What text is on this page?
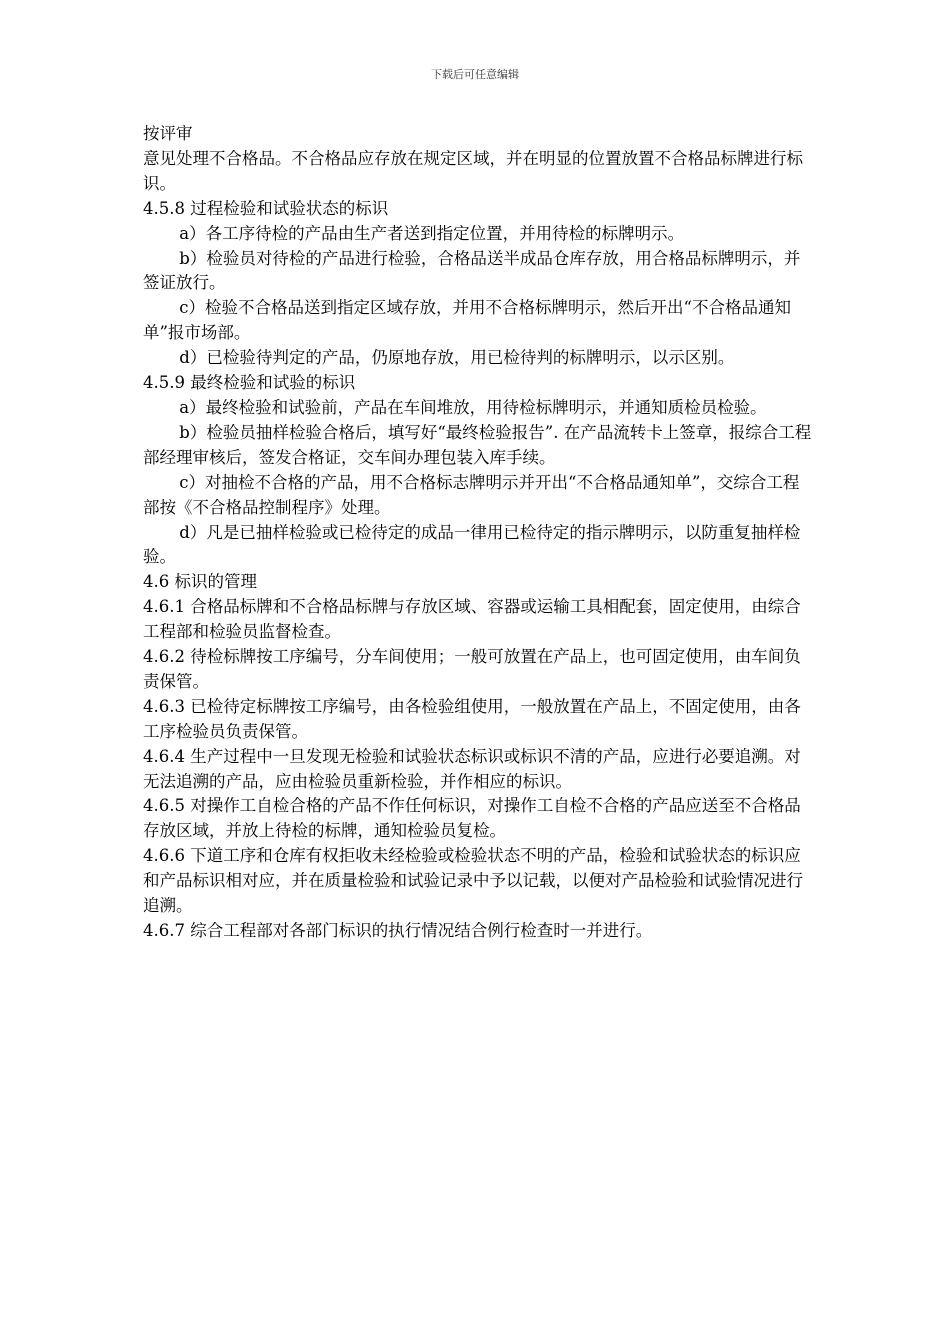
下载后可任意编辑

按评审

意见处理不合格品。不合格品应存放在规定区域，并在明显的位置放置不合格品标牌进行标识。

4.5.8 过程检验和试验状态的标识

a）各工序待检的产品由生产者送到指定位置，并用待检的标牌明示。

b）检验员对待检的产品进行检验，合格品送半成品仓库存放，用合格品标牌明示，并签证放行。

c）检验不合格品送到指定区域存放，并用不合格标牌明示，然后开出“不合格品通知单”报市场部。

d）已检验待判定的产品，仍原地存放，用已检待判的标牌明示，以示区别。

4.5.9 最终检验和试验的标识

a）最终检验和试验前，产品在车间堆放，用待检标牌明示，并通知质检员检验。

b）检验员抽样检验合格后，填写好“最终检验报告”. 在产品流转卡上签章，报综合工程部经理审核后，签发合格证，交车间办理包装入库手续。

c）对抽检不合格的产品，用不合格标志牌明示并开出“不合格品通知单”，交综合工程部按《不合格品控制程序》处理。

d）凡是已抽样检验或已检待定的成品一律用已检待定的指示牌明示，以防重复抽样检验。

4.6 标识的管理

4.6.1 合格品标牌和不合格品标牌与存放区域、容器或运输工具相配套，固定使用，由综合工程部和检验员监督检查。

4.6.2 待检标牌按工序编号，分车间使用；一般可放置在产品上，也可固定使用，由车间负责保管。

4.6.3 已检待定标牌按工序编号，由各检验组使用，一般放置在产品上，不固定使用，由各工序检验员负责保管。

4.6.4 生产过程中一旦发现无检验和试验状态标识或标识不清的产品，应进行必要追溯。对无法追溯的产品，应由检验员重新检验，并作相应的标识。

4.6.5 对操作工自检合格的产品不作任何标识，对操作工自检不合格的产品应送至不合格品存放区域，并放上待检的标牌，通知检验员复检。

4.6.6 下道工序和仓库有权拒收未经检验或检验状态不明的产品，检验和试验状态的标识应和产品标识相对应，并在质量检验和试验记录中予以记载，以便对产品检验和试验情况进行追溯。

4.6.7 综合工程部对各部门标识的执行情况结合例行检查时一并进行。
